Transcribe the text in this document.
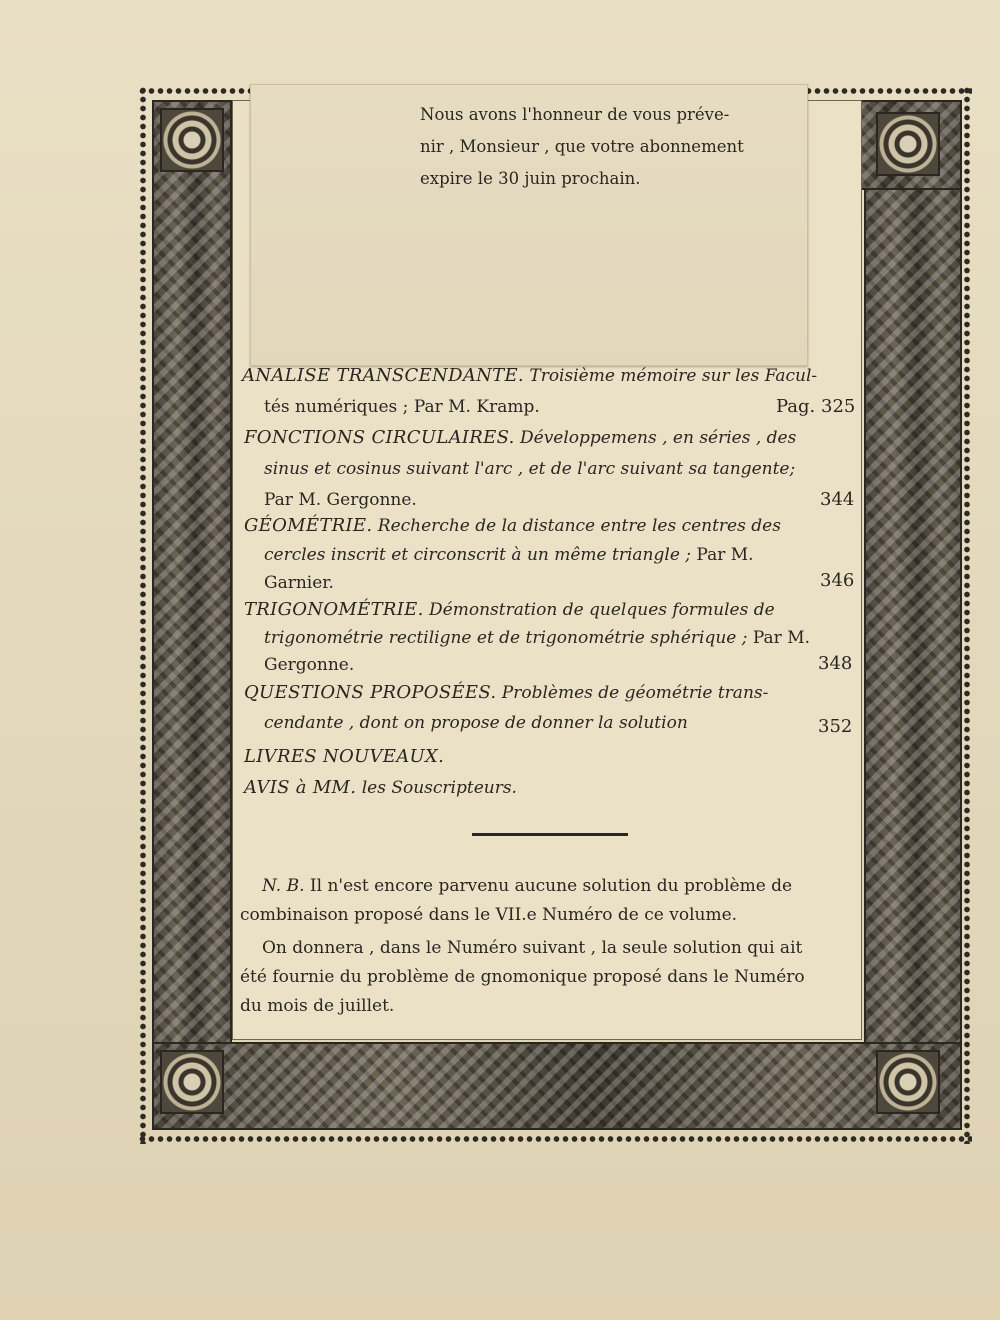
Nous avons l'honneur de vous préve-
nir , Monsieur , que votre abonnement
expire le 30 juin prochain.
ANALISE TRANSCENDANTE. Troisième mémoire sur les Facul-
tés numériques ; Par M. Kramp.	Pag. 325
FONCTIONS CIRCULAIRES. Développemens , en séries , des
sinus et cosinus suivant l'arc , et de l'arc suivant sa tangente;
Par M. Gergonne.	344
GÉOMÉTRIE. Recherche de la distance entre les centres des
cercles inscrit et circonscrit à un même triangle ; Par M.
Garnier.	346
TRIGONOMÉTRIE. Démonstration de quelques formules de
trigonométrie rectiligne et de trigonométrie sphérique ; Par M.
Gergonne.	348
QUESTIONS PROPOSÉES. Problèmes de géométrie trans-
cendante , dont on propose de donner la solution	352
LIVRES NOUVEAUX.
AVIS à MM. les Souscripteurs.
N. B. Il n'est encore parvenu aucune solution du problème de
combinaison proposé dans le VII.e Numéro de ce volume.
On donnera , dans le Numéro suivant , la seule solution qui ait
été fournie du problème de gnomonique proposé dans le Numéro
du mois de juillet.
